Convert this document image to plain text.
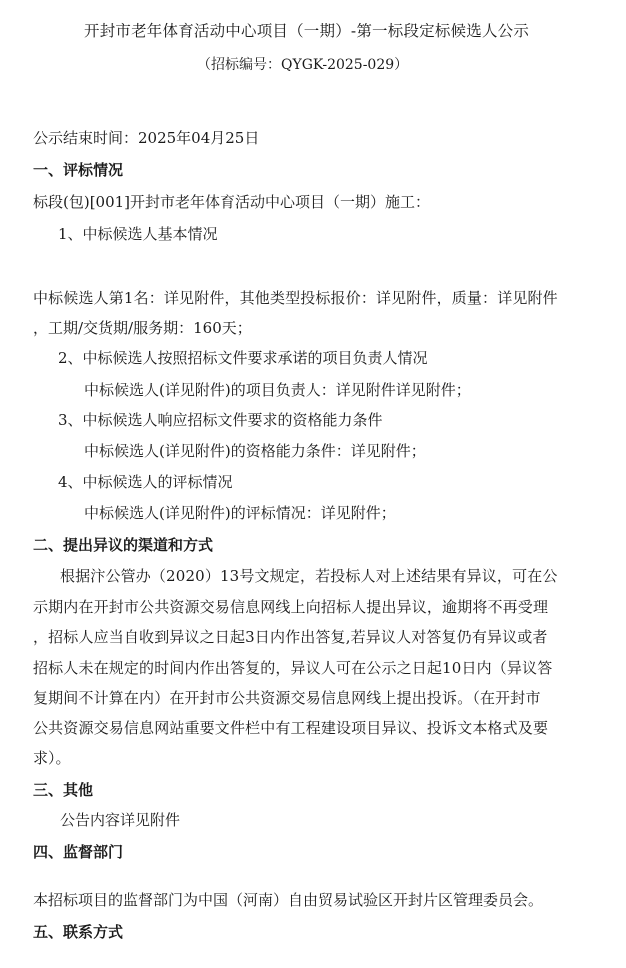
开封市老年体育活动中心项目（一期）-第一标段定标候选人公示
（招标编号：QYGK-2025-029）
公示结束时间：2025年04月25日
一、评标情况
标段(包)[001]开封市老年体育活动中心项目（一期）施工：
1、中标候选人基本情况
中标候选人第1名：详见附件，其他类型投标报价：详见附件，质量：详见附件
，工期/交货期/服务期：160天；
2、中标候选人按照招标文件要求承诺的项目负责人情况
中标候选人(详见附件)的项目负责人：详见附件详见附件；
3、中标候选人响应招标文件要求的资格能力条件
中标候选人(详见附件)的资格能力条件：详见附件；
4、中标候选人的评标情况
中标候选人(详见附件)的评标情况：详见附件；
二、提出异议的渠道和方式
根据汴公管办（2020）13号文规定，若投标人对上述结果有异议，可在公
示期内在开封市公共资源交易信息网线上向招标人提出异议，逾期将不再受理
，招标人应当自收到异议之日起3日内作出答复,若异议人对答复仍有异议或者
招标人未在规定的时间内作出答复的，异议人可在公示之日起10日内（异议答
复期间不计算在内）在开封市公共资源交易信息网线上提出投诉。（在开封市
公共资源交易信息网站重要文件栏中有工程建设项目异议、投诉文本格式及要
求）。
三、其他
公告内容详见附件
四、监督部门
本招标项目的监督部门为中国（河南）自由贸易试验区开封片区管理委员会。
五、联系方式
